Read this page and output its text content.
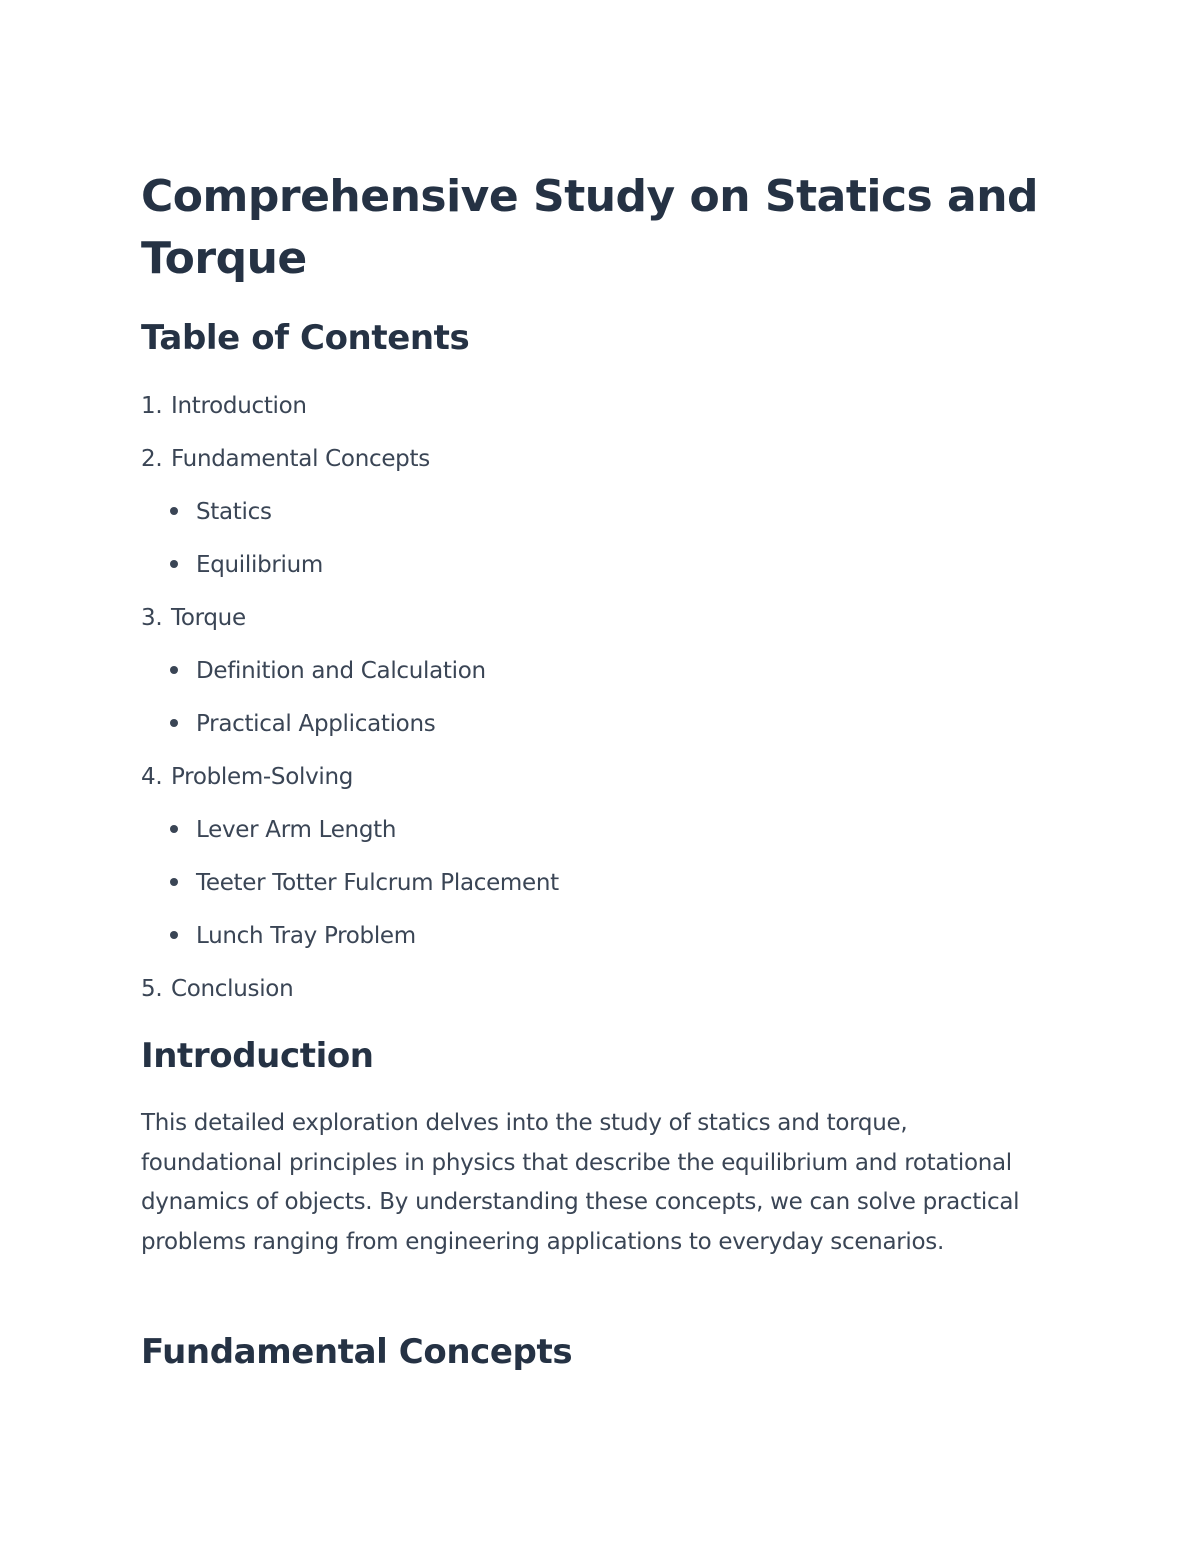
Comprehensive Study on Statics and Torque
Table of Contents
1. Introduction
2. Fundamental Concepts
Statics
Equilibrium
3. Torque
Definition and Calculation
Practical Applications
4. Problem-Solving
Lever Arm Length
Teeter Totter Fulcrum Placement
Lunch Tray Problem
5. Conclusion
Introduction

This detailed exploration delves into the study of statics and torque, foundational principles in physics that describe the equilibrium and rotational dynamics of objects. By understanding these concepts, we can solve practical problems ranging from engineering applications to everyday scenarios.

Fundamental Concepts
